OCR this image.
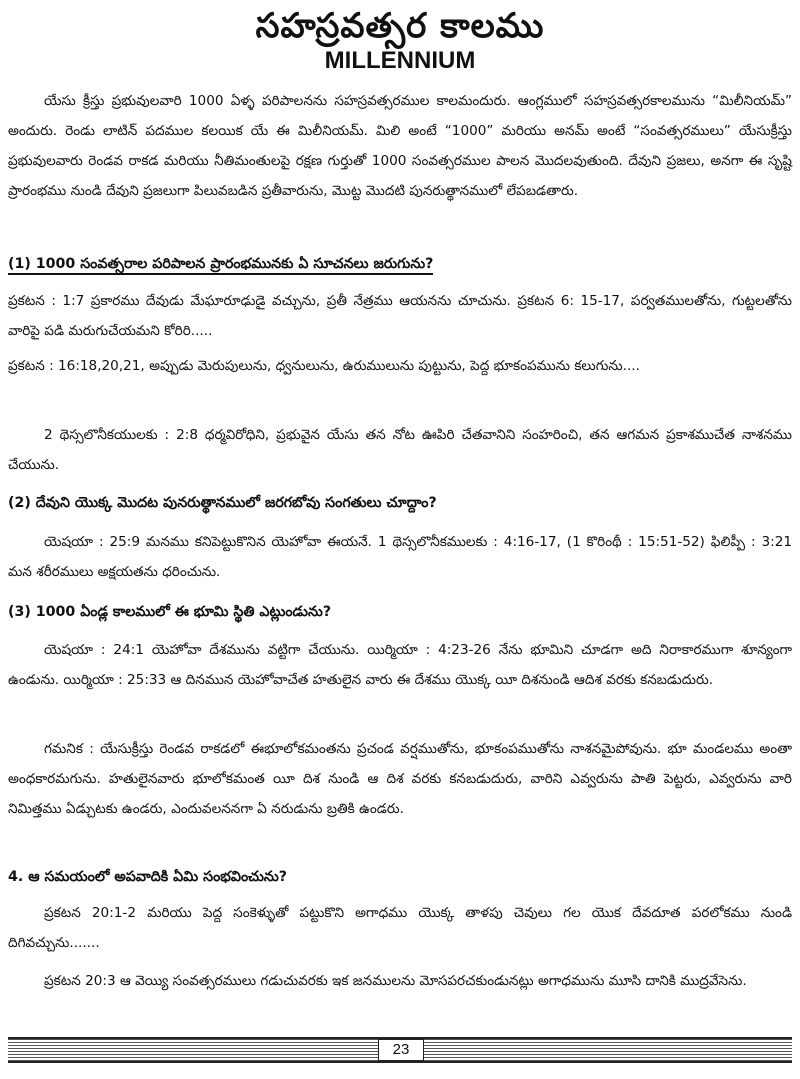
సహస్రవత్సర కాలము
MILLENNIUM

యేసు క్రీస్తు ప్రభువులవారి 1000 ఏళ్ళ పరిపాలనను సహస్రవత్సరముల కాలమందురు. ఆంగ్లములో సహస్రవత్సరకాలమును “మిలీనియమ్” అందురు. రెండు లాటిన్ పదముల కలయిక యే ఈ మిలీనియమ్. మిలి అంటే “1000” మరియు అనమ్ అంటే “సంవత్సరములు” యేసుక్రీస్తు ప్రభువులవారు రెండవ రాకడ మరియు నీతిమంతులపై రక్షణ గుర్తుతో 1000 సంవత్సరముల పాలన మొదలవుతుంది. దేవుని ప్రజలు, అనగా ఈ సృష్టి ప్రారంభము నుండి దేవుని ప్రజలుగా పిలువబడిన ప్రతీవారును, మొట్ట మొదటి పునరుత్థానములో లేపబడతారు.

(1) 1000 సంవత్సరాల పరిపాలన ప్రారంభమునకు ఏ సూచనలు జరుగును?

ప్రకటన : 1:7 ప్రకారము దేవుడు మేఘారూఢుడై వచ్చును, ప్రతీ నేత్రము ఆయనను చూచును. ప్రకటన 6: 15-17, పర్వతములతోను, గుట్టలతోను వారిపై పడి మరుగుచేయమని కోరిరి.....

ప్రకటన : 16:18,20,21, అప్పుడు మెరుపులును, ధ్వనులును, ఉరుములును పుట్టును, పెద్ద భూకంపమును కలుగును....

2 థెస్సలొనీకయులకు : 2:8 ధర్మవిరోధిని, ప్రభువైన యేసు తన నోట ఊపిరి చేతవానిని సంహరించి, తన ఆగమన ప్రకాశముచేత నాశనము చేయును.

(2) దేవుని యొక్క మొదట పునరుత్థానములో జరగబోవు సంగతులు చూద్దాం?

యెషయా : 25:9 మనము కనిపెట్టుకొనిన యెహోవా ఈయనే. 1 థెస్సలొనీకములకు : 4:16-17, (1 కొరింథీ : 15:51-52) ఫిలిప్పీ : 3:21 మన శరీరములు అక్షయతను ధరించును.

(3) 1000 ఏండ్ల కాలములో ఈ భూమి స్థితి ఎట్లుండును?

యెషయా : 24:1 యెహోవా దేశమును వట్టిగా చేయును. యిర్మియా : 4:23-26 నేను భూమిని చూడగా అది నిరాకారముగా శూన్యంగా ఉండును. యిర్మియా : 25:33 ఆ దినమున యెహోవాచేత హతులైన వారు ఈ దేశము యొక్క యీ దిశనుండి ఆదిశ వరకు కనబడుదురు.

గమనిక : యేసుక్రీస్తు రెండవ రాకడలో ఈభూలోకమంతను ప్రచండ వర్షముతోను, భూకంపముతోను నాశనమైపోవును. భూ మండలము అంతా అంధకారమగును. హతులైనవారు భూలోకమంత యీ దిశ నుండి ఆ దిశ వరకు కనబడుదురు, వారిని ఎవ్వరును పాతి పెట్టరు, ఎవ్వరును వారి నిమిత్తము ఏడ్చుటకు ఉండరు, ఎందువలననగా ఏ నరుడును బ్రతికి ఉండరు.

4. ఆ సమయంలో అపవాదికి ఏమి సంభవించును?

ప్రకటన 20:1-2 మరియు పెద్ద సంకెళ్ళుతో పట్టుకొని అగాధము యొక్క తాళపు చెవులు గల యొక దేవదూత పరలోకము నుండి దిగివచ్చును.......

ప్రకటన 20:3 ఆ వెయ్యి సంవత్సరములు గడుచువరకు ఇక జనములను మోసపరచకుండునట్లు అగాధమును మూసి దానికి ముద్రవేసెను.

23
